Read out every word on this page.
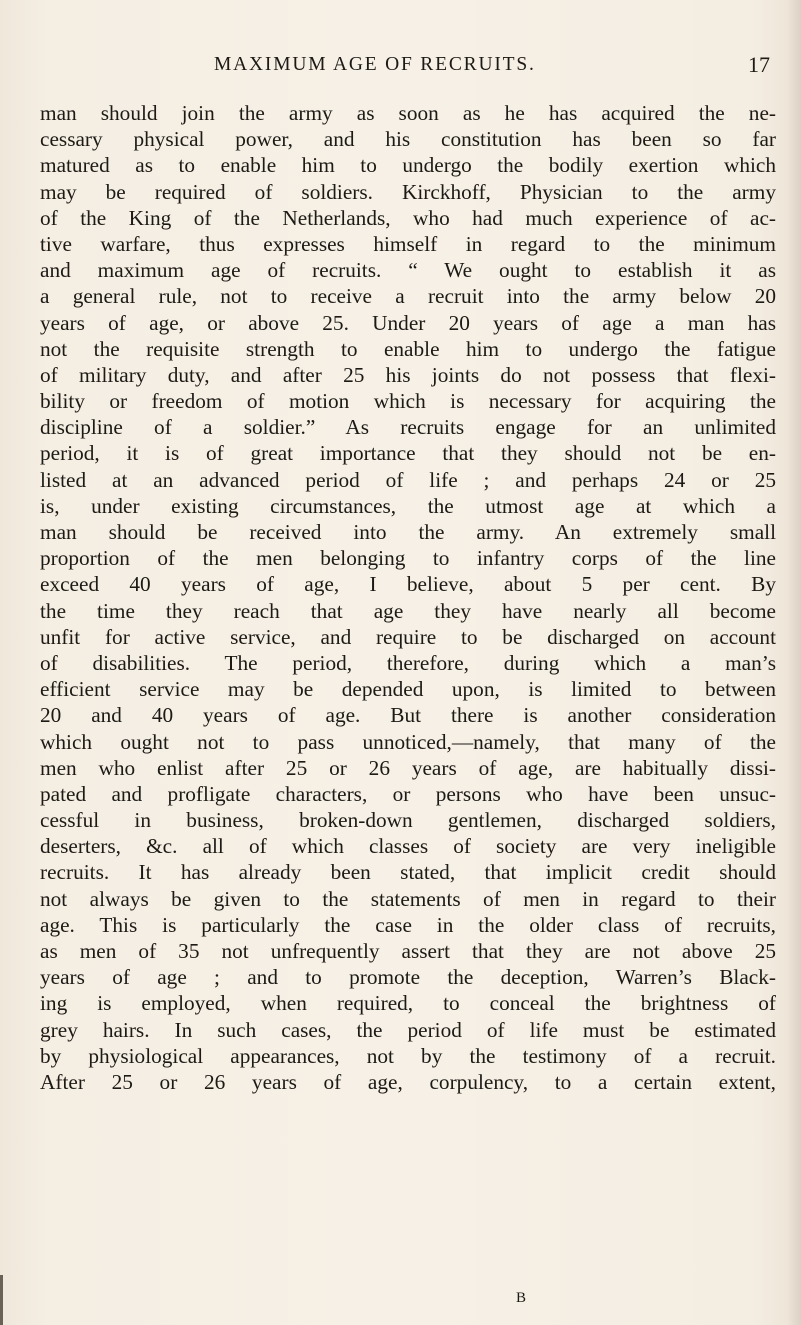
MAXIMUM AGE OF RECRUITS.	17
man should join the army as soon as he has acquired the ne-
cessary physical power, and his constitution has been so far
matured as to enable him to undergo the bodily exertion which
may be required of soldiers. Kirckhoff, Physician to the army
of the King of the Netherlands, who had much experience of ac-
tive warfare, thus expresses himself in regard to the minimum
and maximum age of recruits. “ We ought to establish it as
a general rule, not to receive a recruit into the army below 20
years of age, or above 25. Under 20 years of age a man has
not the requisite strength to enable him to undergo the fatigue
of military duty, and after 25 his joints do not possess that flexi-
bility or freedom of motion which is necessary for acquiring the
discipline of a soldier.” As recruits engage for an unlimited
period, it is of great importance that they should not be en-
listed at an advanced period of life ; and perhaps 24 or 25
is, under existing circumstances, the utmost age at which a
man should be received into the army. An extremely small
proportion of the men belonging to infantry corps of the line
exceed 40 years of age, I believe, about 5 per cent. By
the time they reach that age they have nearly all become
unfit for active service, and require to be discharged on account
of disabilities. The period, therefore, during which a man’s
efficient service may be depended upon, is limited to between
20 and 40 years of age. But there is another consideration
which ought not to pass unnoticed,—namely, that many of the
men who enlist after 25 or 26 years of age, are habitually dissi-
pated and profligate characters, or persons who have been unsuc-
cessful in business, broken-down gentlemen, discharged soldiers,
deserters, &c. all of which classes of society are very ineligible
recruits. It has already been stated, that implicit credit should
not always be given to the statements of men in regard to their
age. This is particularly the case in the older class of recruits,
as men of 35 not unfrequently assert that they are not above 25
years of age ; and to promote the deception, Warren’s Black-
ing is employed, when required, to conceal the brightness of
grey hairs. In such cases, the period of life must be estimated
by physiological appearances, not by the testimony of a recruit.
After 25 or 26 years of age, corpulency, to a certain extent,
B
